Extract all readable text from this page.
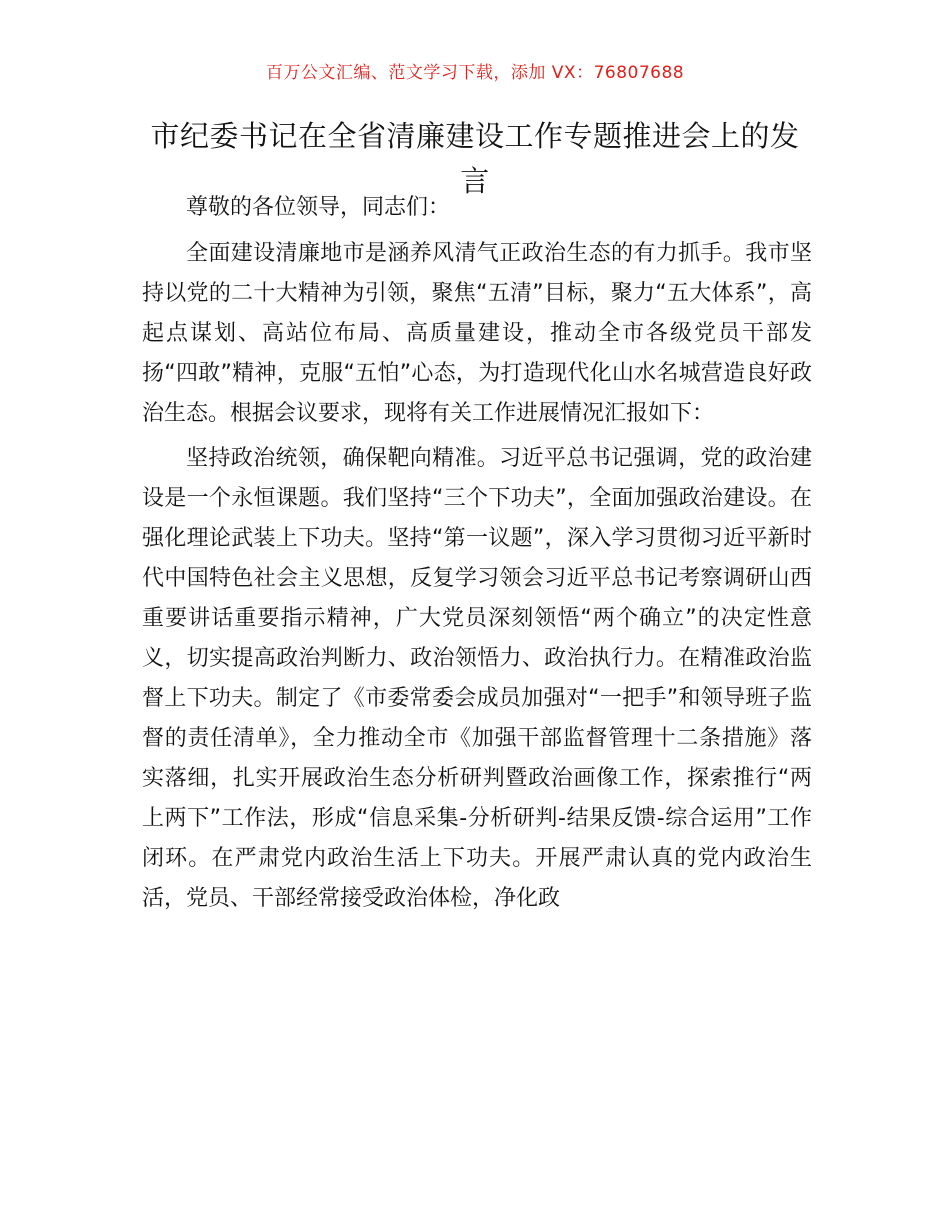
百万公文汇编、范文学习下载，添加 VX：76807688
市纪委书记在全省清廉建设工作专题推进会上的发言

尊敬的各位领导，同志们：

全面建设清廉地市是涵养风清气正政治生态的有力抓手。我市坚持以党的二十大精神为引领，聚焦“五清”目标，聚力“五大体系”，高起点谋划、高站位布局、高质量建设，推动全市各级党员干部发扬“四敢”精神，克服“五怕”心态，为打造现代化山水名城营造良好政治生态。根据会议要求，现将有关工作进展情况汇报如下：

坚持政治统领，确保靶向精准。习近平总书记强调，党的政治建设是一个永恒课题。我们坚持“三个下功夫”，全面加强政治建设。在强化理论武装上下功夫。坚持“第一议题”，深入学习贯彻习近平新时代中国特色社会主义思想，反复学习领会习近平总书记考察调研山西重要讲话重要指示精神，广大党员深刻领悟“两个确立”的决定性意义，切实提高政治判断力、政治领悟力、政治执行力。在精准政治监督上下功夫。制定了《市委常委会成员加强对“一把手”和领导班子监督的责任清单》，全力推动全市《加强干部监督管理十二条措施》落实落细，扎实开展政治生态分析研判暨政治画像工作，探索推行“两上两下”工作法，形成“信息采集-分析研判-结果反馈-综合运用”工作闭环。在严肃党内政治生活上下功夫。开展严肃认真的党内政治生活，党员、干部经常接受政治体检，净化政
